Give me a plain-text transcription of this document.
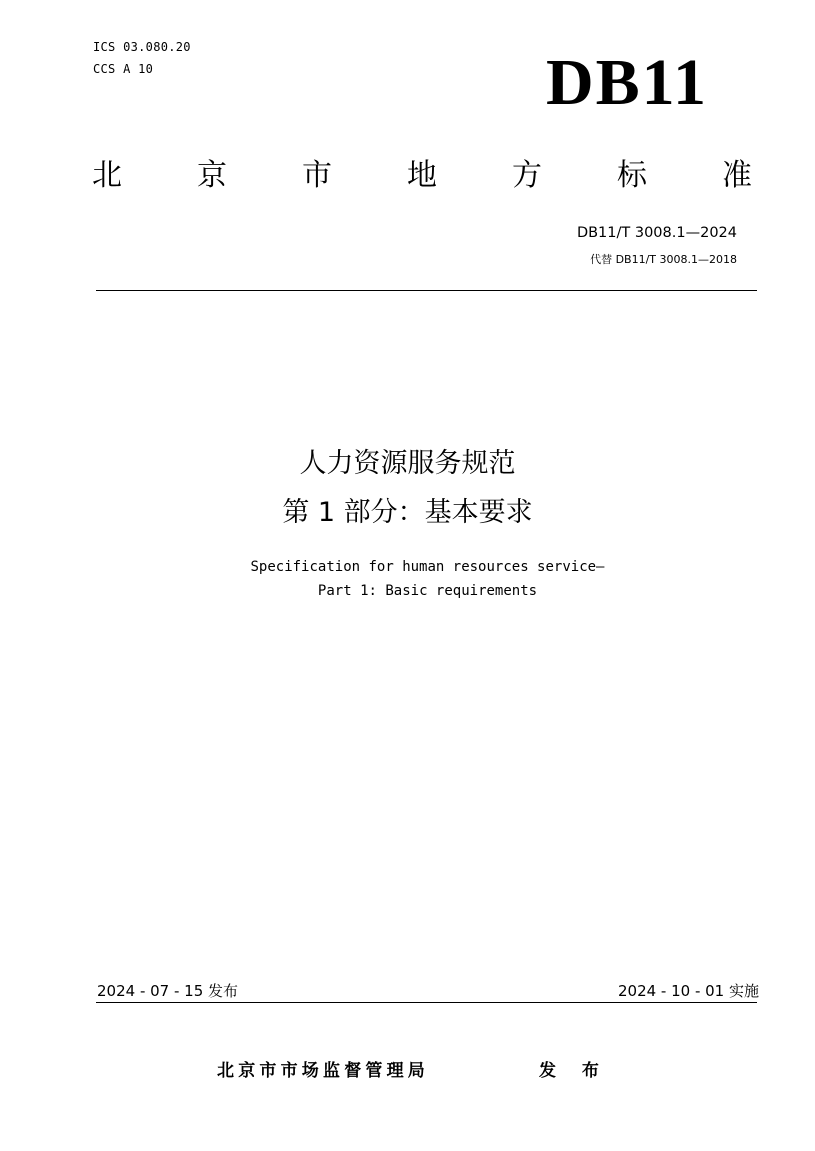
ICS 03.080.20
CCS A 10	DB11
北	京	市	地	方	标	准
DB11/T 3008.1—2024
代替 DB11/T 3008.1—2018
人力资源服务规范
第 1 部分：基本要求
Specification for human resources service—
Part 1: Basic requirements
2024 - 07 - 15 发布	2024 - 10 - 01 实施
北京市市场监督管理局	发 布
